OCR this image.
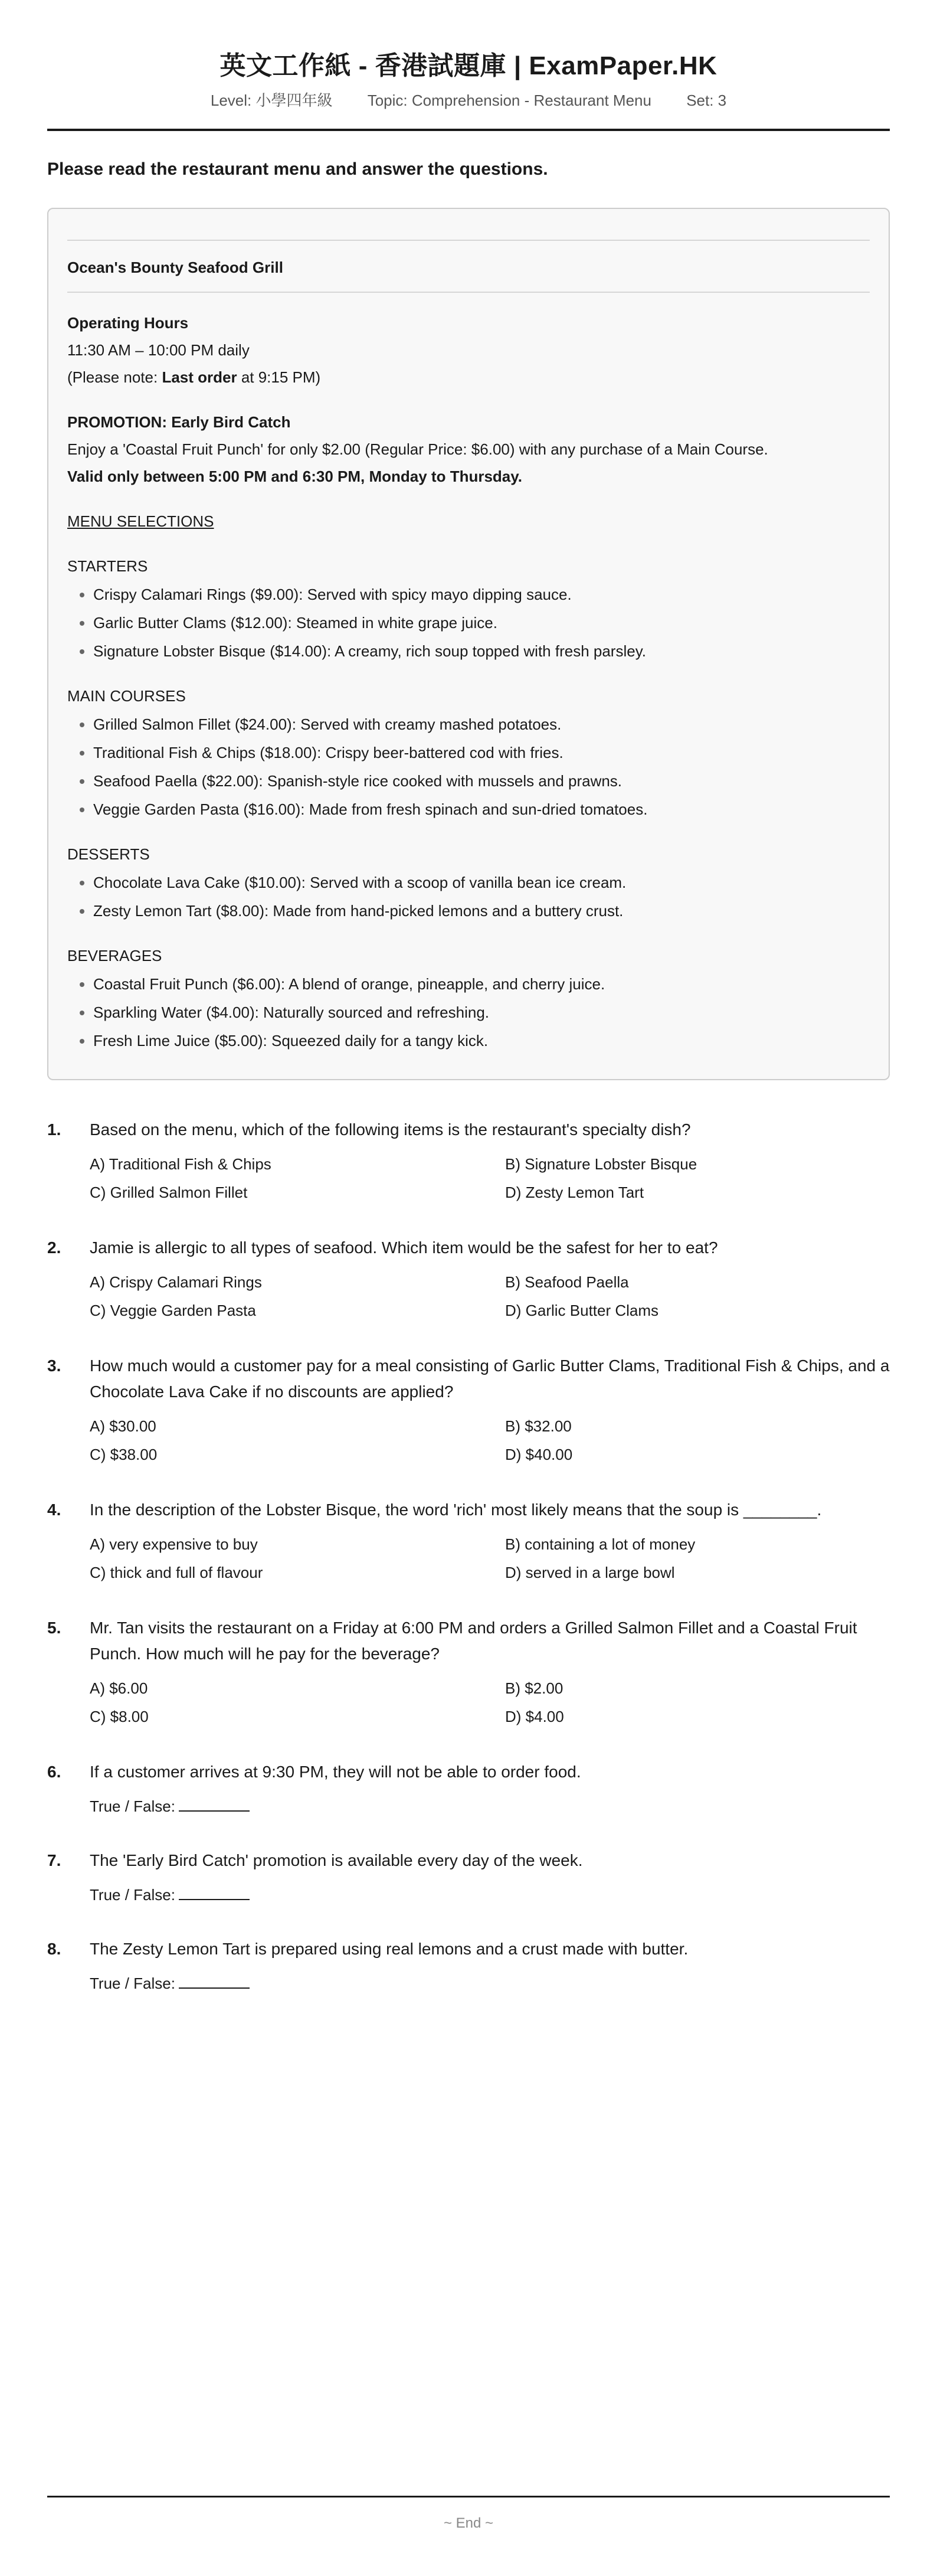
英文工作紙 - 香港試題庫 | ExamPaper.HK
Level: 小學四年級 Topic: Comprehension - Restaurant Menu Set: 3
Please read the restaurant menu and answer the questions.
Ocean's Bounty Seafood Grill
Operating Hours
11:30 AM – 10:00 PM daily
(Please note: Last order at 9:15 PM)
PROMOTION: Early Bird Catch
Enjoy a 'Coastal Fruit Punch' for only $2.00 (Regular Price: $6.00) with any purchase of a Main Course.
Valid only between 5:00 PM and 6:30 PM, Monday to Thursday.
MENU SELECTIONS
STARTERS
• Crispy Calamari Rings ($9.00): Served with spicy mayo dipping sauce.
• Garlic Butter Clams ($12.00): Steamed in white grape juice.
• Signature Lobster Bisque ($14.00): A creamy, rich soup topped with fresh parsley.
MAIN COURSES
• Grilled Salmon Fillet ($24.00): Served with creamy mashed potatoes.
• Traditional Fish & Chips ($18.00): Crispy beer-battered cod with fries.
• Seafood Paella ($22.00): Spanish-style rice cooked with mussels and prawns.
• Veggie Garden Pasta ($16.00): Made from fresh spinach and sun-dried tomatoes.
DESSERTS
• Chocolate Lava Cake ($10.00): Served with a scoop of vanilla bean ice cream.
• Zesty Lemon Tart ($8.00): Made from hand-picked lemons and a buttery crust.
BEVERAGES
• Coastal Fruit Punch ($6.00): A blend of orange, pineapple, and cherry juice.
• Sparkling Water ($4.00): Naturally sourced and refreshing.
• Fresh Lime Juice ($5.00): Squeezed daily for a tangy kick.
1.	Based on the menu, which of the following items is the restaurant's specialty dish?
A) Traditional Fish & Chips	B) Signature Lobster Bisque
C) Grilled Salmon Fillet	D) Zesty Lemon Tart
2.	Jamie is allergic to all types of seafood. Which item would be the safest for her to eat?
A) Crispy Calamari Rings	B) Seafood Paella
C) Veggie Garden Pasta	D) Garlic Butter Clams
3.	How much would a customer pay for a meal consisting of Garlic Butter Clams, Traditional Fish & Chips, and a Chocolate Lava Cake if no discounts are applied?
A) $30.00	B) $32.00
C) $38.00	D) $40.00
4.	In the description of the Lobster Bisque, the word 'rich' most likely means that the soup is ________.
A) very expensive to buy	B) containing a lot of money
C) thick and full of flavour	D) served in a large bowl
5.	Mr. Tan visits the restaurant on a Friday at 6:00 PM and orders a Grilled Salmon Fillet and a Coastal Fruit Punch. How much will he pay for the beverage?
A) $6.00	B) $2.00
C) $8.00	D) $4.00
6.	If a customer arrives at 9:30 PM, they will not be able to order food.
True / False:
7.	The 'Early Bird Catch' promotion is available every day of the week.
True / False:
8.	The Zesty Lemon Tart is prepared using real lemons and a crust made with butter.
True / False:
~ End ~
